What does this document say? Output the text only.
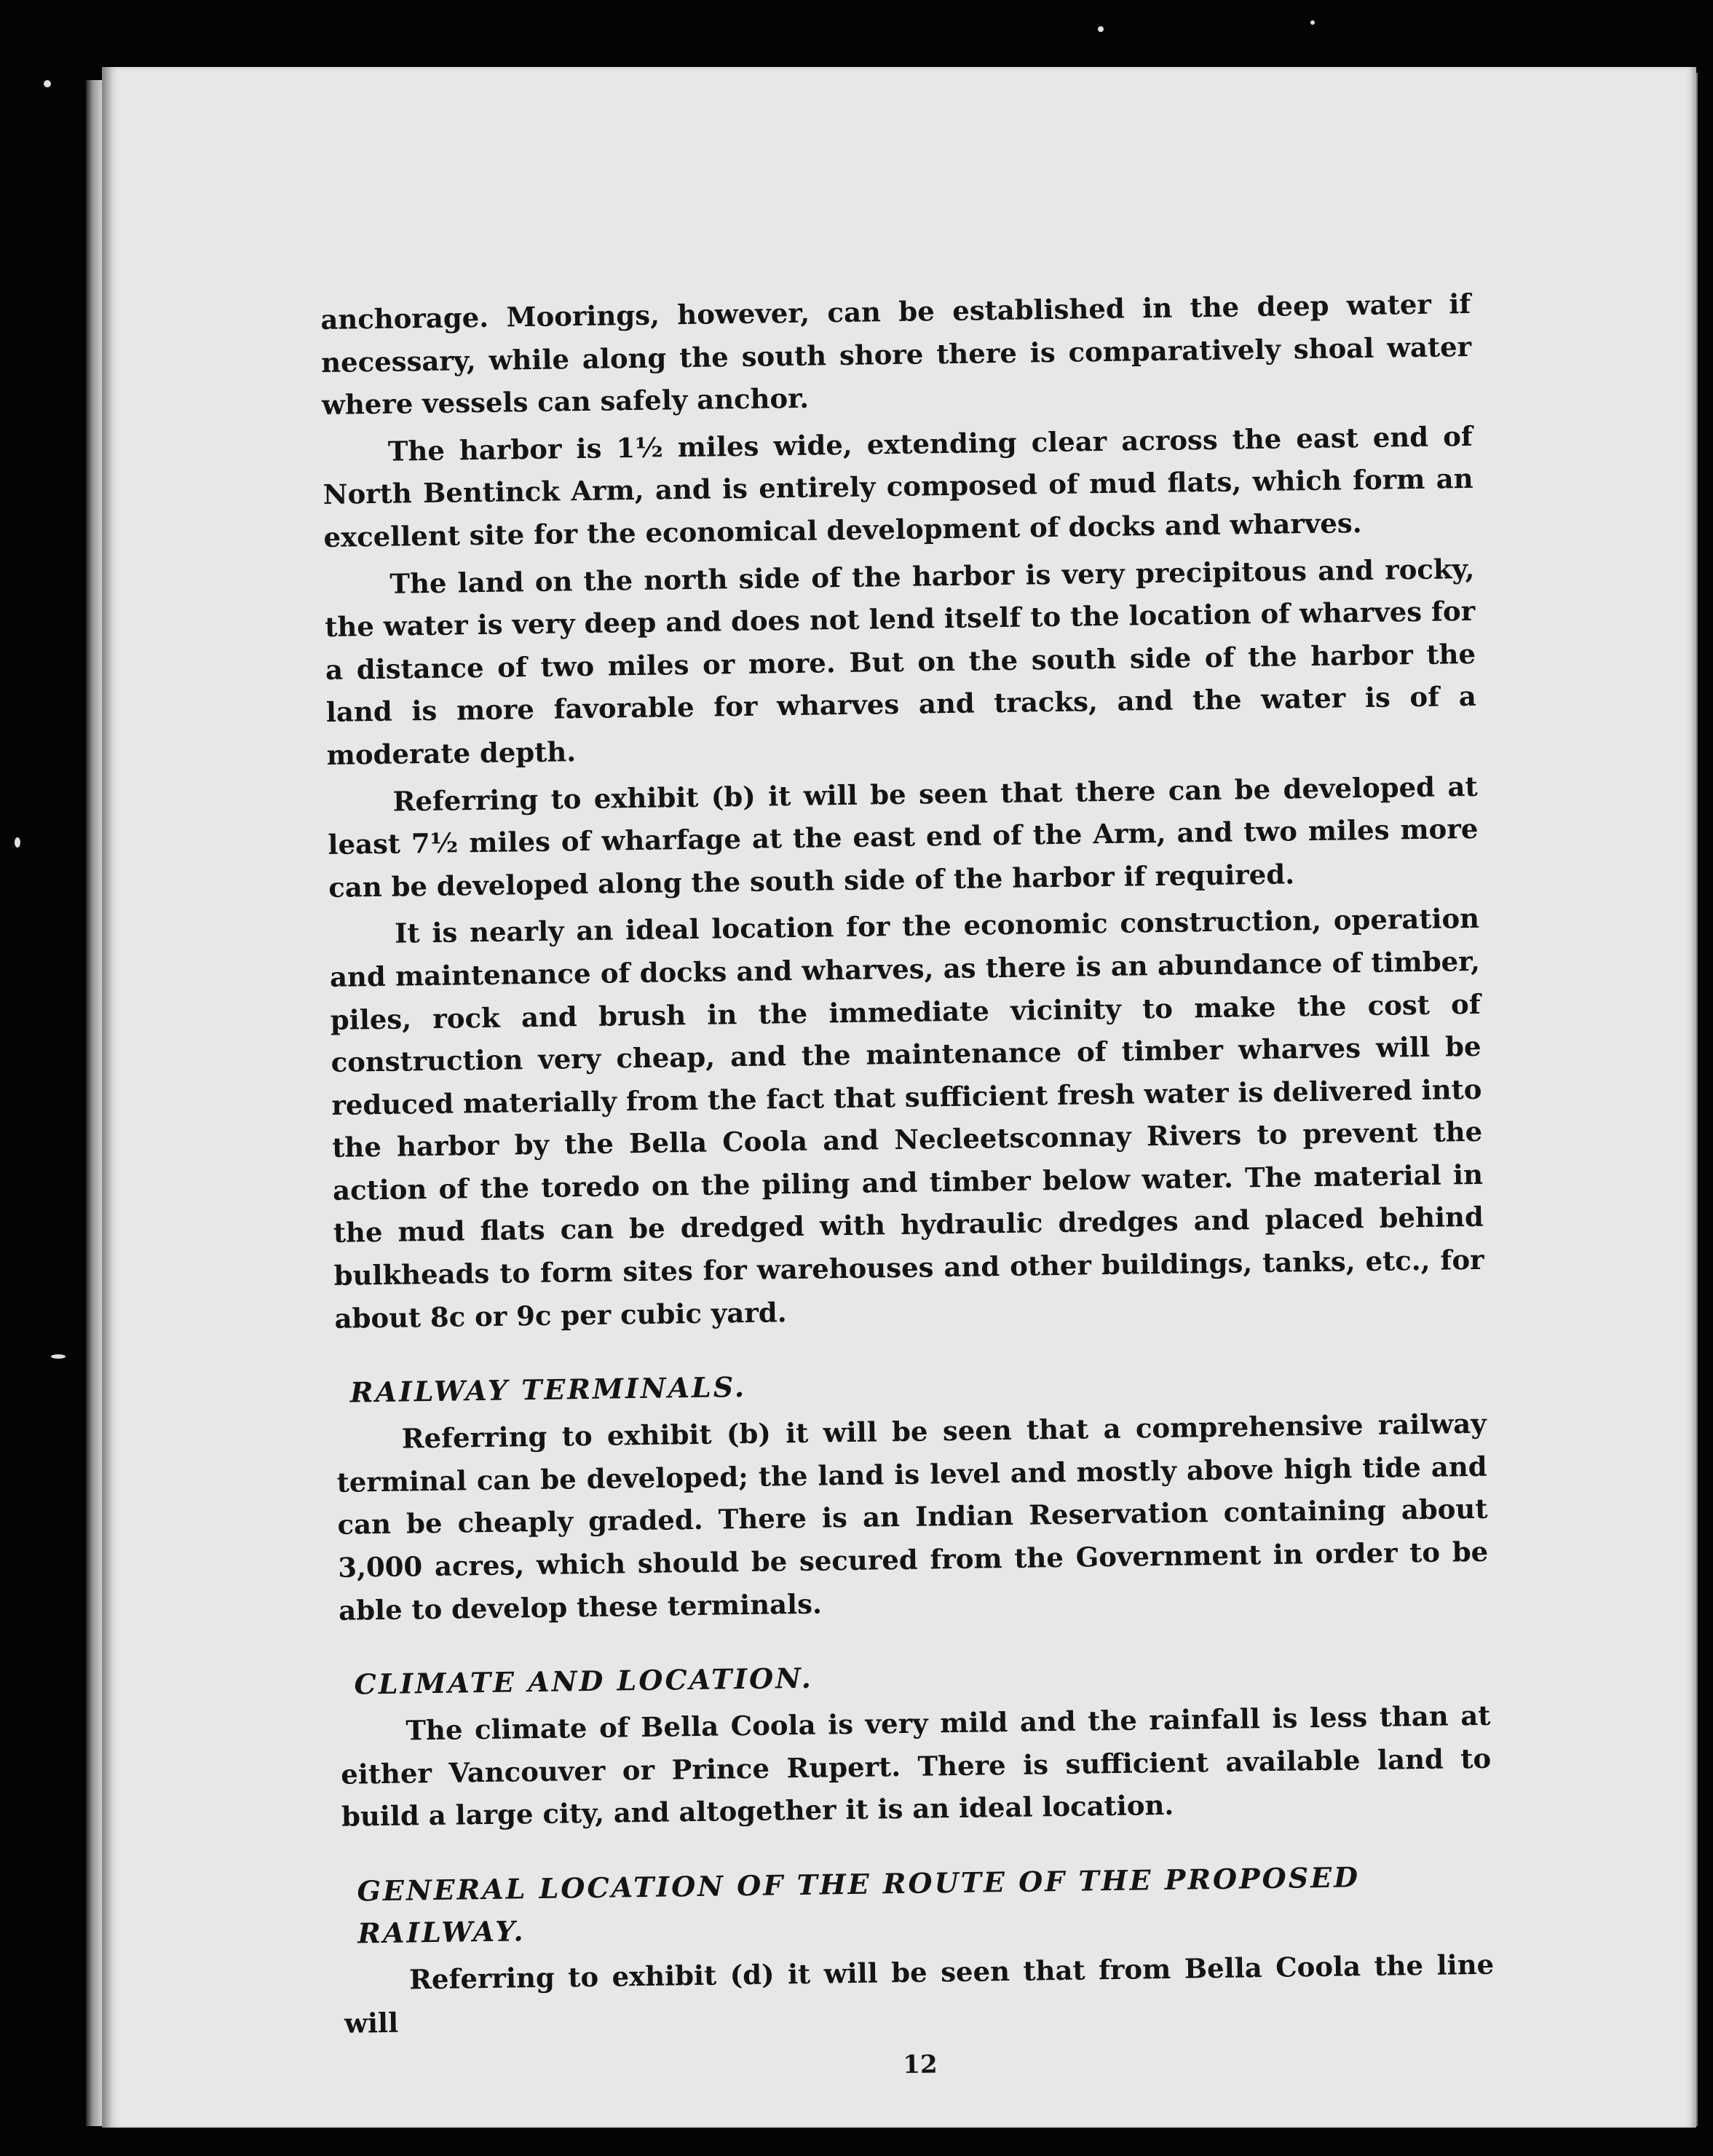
anchorage. Moorings, however, can be established in the deep water if necessary, while along the south shore there is comparatively shoal water where vessels can safely anchor.

The harbor is 1½ miles wide, extending clear across the east end of North Bentinck Arm, and is entirely composed of mud flats, which form an excellent site for the economical development of docks and wharves.

The land on the north side of the harbor is very precipitous and rocky, the water is very deep and does not lend itself to the location of wharves for a distance of two miles or more. But on the south side of the harbor the land is more favorable for wharves and tracks, and the water is of a moderate depth.

Referring to exhibit (b) it will be seen that there can be developed at least 7½ miles of wharfage at the east end of the Arm, and two miles more can be developed along the south side of the harbor if required.

It is nearly an ideal location for the economic construction, operation and maintenance of docks and wharves, as there is an abundance of timber, piles, rock and brush in the immediate vicinity to make the cost of construction very cheap, and the maintenance of timber wharves will be reduced materially from the fact that sufficient fresh water is delivered into the harbor by the Bella Coola and Necleetsconnay Rivers to prevent the action of the toredo on the piling and timber below water. The material in the mud flats can be dredged with hydraulic dredges and placed behind bulkheads to form sites for warehouses and other buildings, tanks, etc., for about 8c or 9c per cubic yard.

RAILWAY TERMINALS.

Referring to exhibit (b) it will be seen that a comprehensive railway terminal can be developed; the land is level and mostly above high tide and can be cheaply graded. There is an Indian Reservation containing about 3,000 acres, which should be secured from the Government in order to be able to develop these terminals.

CLIMATE AND LOCATION.

The climate of Bella Coola is very mild and the rainfall is less than at either Vancouver or Prince Rupert. There is sufficient available land to build a large city, and altogether it is an ideal location.

GENERAL LOCATION OF THE ROUTE OF THE PROPOSED RAILWAY.

Referring to exhibit (d) it will be seen that from Bella Coola the line will

12
